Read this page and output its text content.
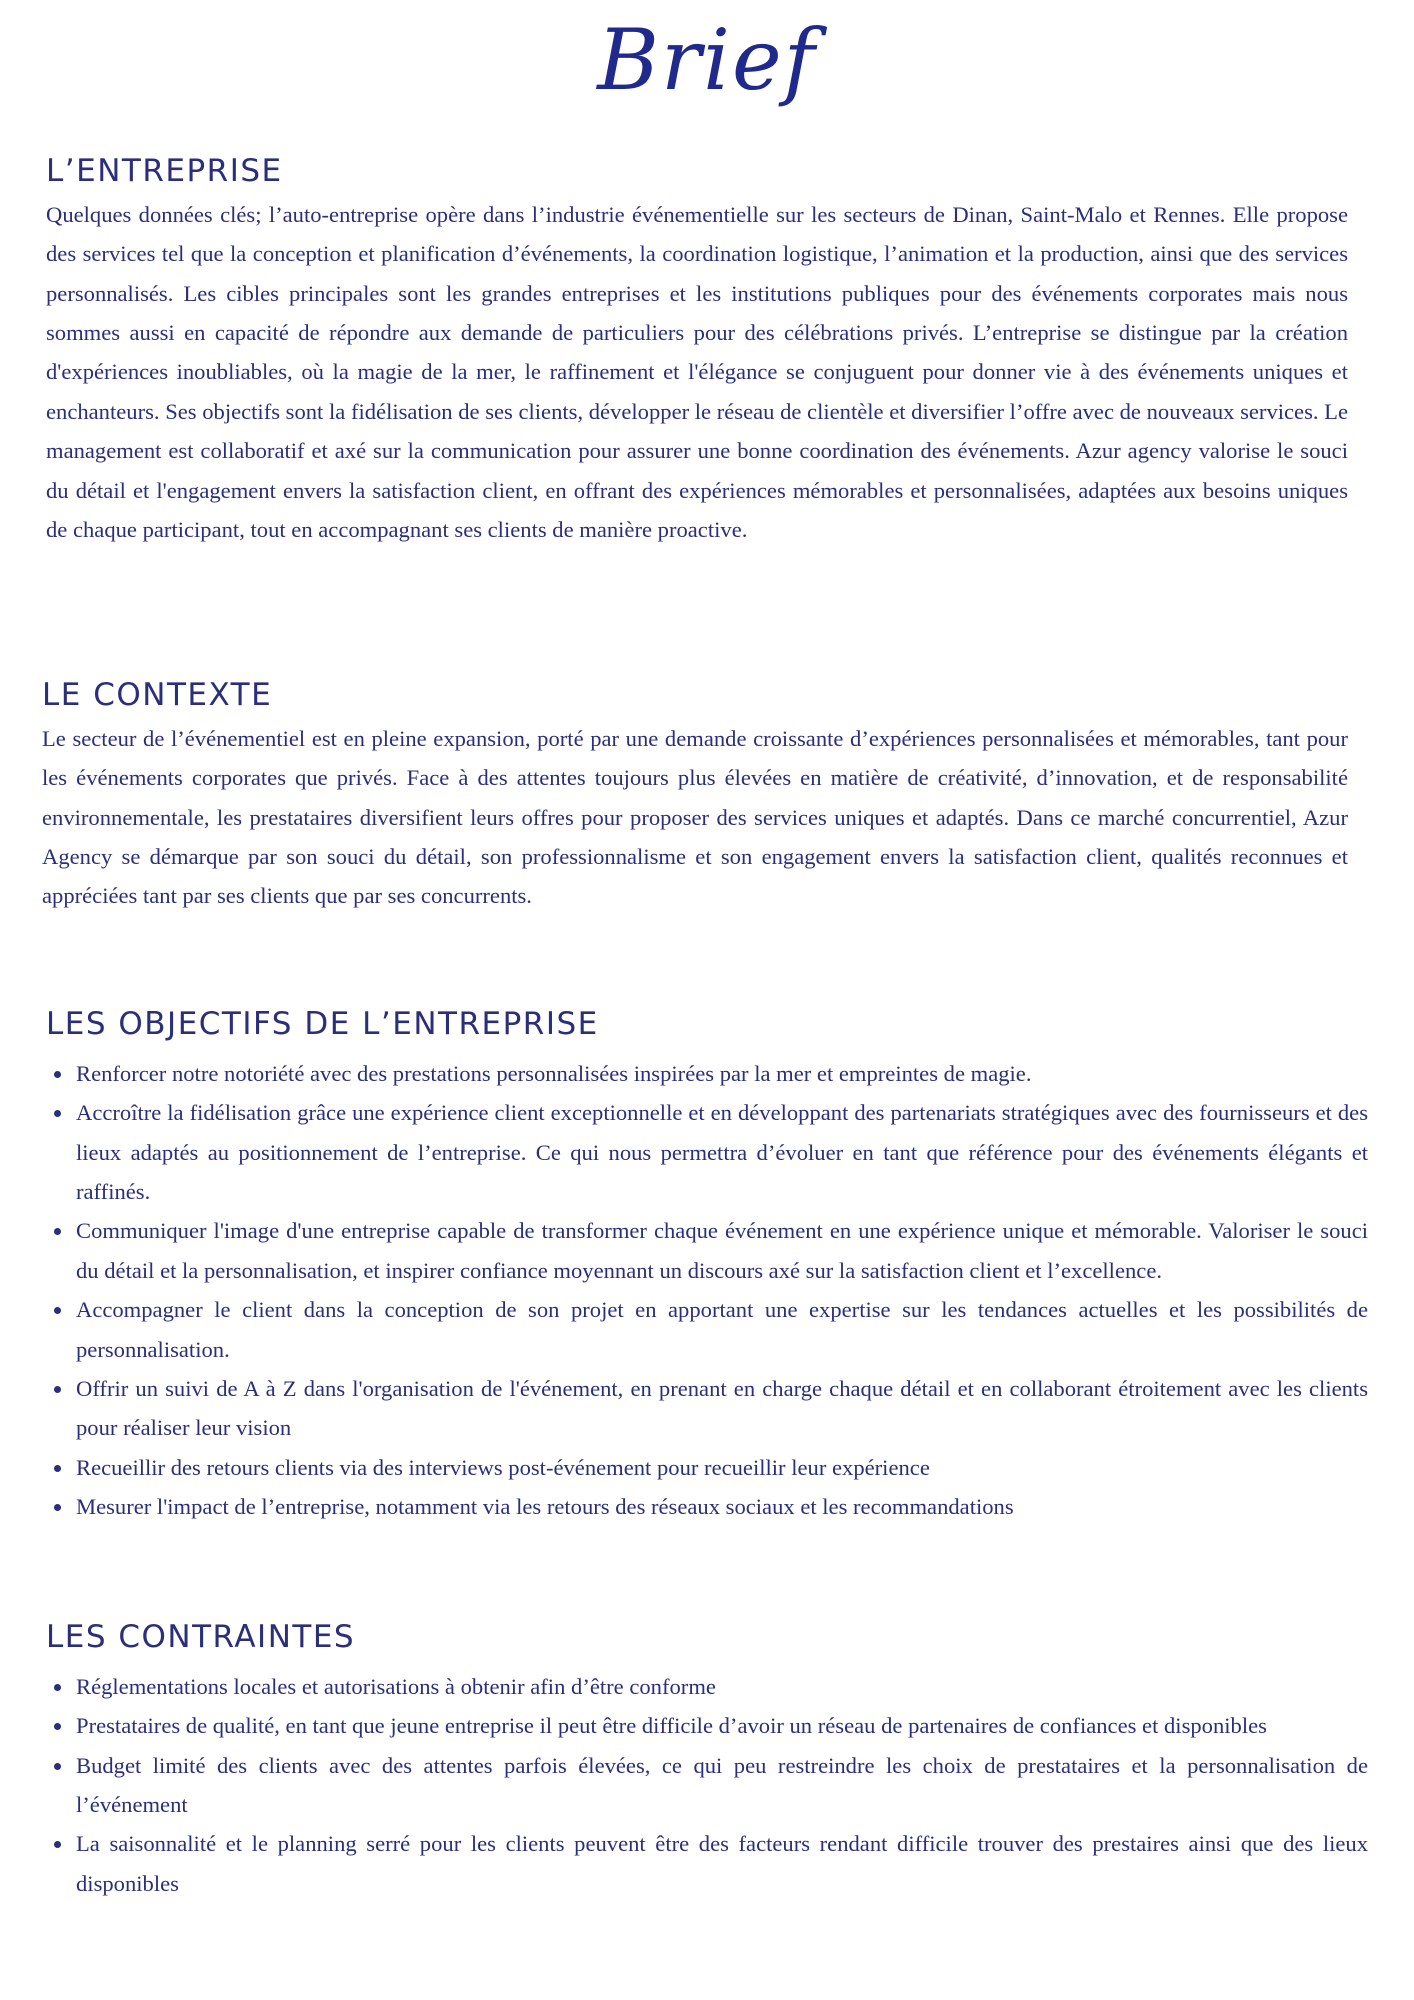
Brief
L’ENTREPRISE

Quelques données clés; l’auto-entreprise opère dans l’industrie événementielle sur les secteurs de Dinan, Saint-Malo et Rennes. Elle propose des services tel que la conception et planification d’événements, la coordination logistique, l’animation et la production, ainsi que des services personnalisés. Les cibles principales sont les grandes entreprises et les institutions publiques pour des événements corporates mais nous sommes aussi en capacité de répondre aux demande de particuliers pour des célébrations privés. L’entreprise se distingue par la création d'expériences inoubliables, où la magie de la mer, le raffinement et l'élégance se conjuguent pour donner vie à des événements uniques et enchanteurs. Ses objectifs sont la fidélisation de ses clients, développer le réseau de clientèle et diversifier l’offre avec de nouveaux services. Le management est collaboratif et axé sur la communication pour assurer une bonne coordination des événements. Azur agency valorise le souci du détail et l'engagement envers la satisfaction client, en offrant des expériences mémorables et personnalisées, adaptées aux besoins uniques de chaque participant, tout en accompagnant ses clients de manière proactive.

LE CONTEXTE

Le secteur de l’événementiel est en pleine expansion, porté par une demande croissante d’expériences personnalisées et mémorables, tant pour les événements corporates que privés. Face à des attentes toujours plus élevées en matière de créativité, d’innovation, et de responsabilité environnementale, les prestataires diversifient leurs offres pour proposer des services uniques et adaptés. Dans ce marché concurrentiel, Azur Agency se démarque par son souci du détail, son professionnalisme et son engagement envers la satisfaction client, qualités reconnues et appréciées tant par ses clients que par ses concurrents.

LES OBJECTIFS DE L’ENTREPRISE
Renforcer notre notoriété avec des prestations personnalisées inspirées par la mer et empreintes de magie.
Accroître la fidélisation grâce une expérience client exceptionnelle et en développant des partenariats stratégiques avec des fournisseurs et des lieux adaptés au positionnement de l’entreprise. Ce qui nous permettra d’évoluer en tant que référence pour des événements élégants et raffinés.
Communiquer l'image d'une entreprise capable de transformer chaque événement en une expérience unique et mémorable. Valoriser le souci du détail et la personnalisation, et inspirer confiance moyennant un discours axé sur la satisfaction client et l’excellence.
Accompagner le client dans la conception de son projet en apportant une expertise sur les tendances actuelles et les possibilités de personnalisation.
Offrir un suivi de A à Z dans l'organisation de l'événement, en prenant en charge chaque détail et en collaborant étroitement avec les clients pour réaliser leur vision
Recueillir des retours clients via des interviews post-événement pour recueillir leur expérience
Mesurer l'impact de l’entreprise, notamment via les retours des réseaux sociaux et les recommandations
LES CONTRAINTES
Réglementations locales et autorisations à obtenir afin d’être conforme
Prestataires de qualité, en tant que jeune entreprise il peut être difficile d’avoir un réseau de partenaires de confiances et disponibles
Budget limité des clients avec des attentes parfois élevées, ce qui peu restreindre les choix de prestataires et la personnalisation de l’événement
La saisonnalité et le planning serré pour les clients peuvent être des facteurs rendant difficile trouver des prestaires ainsi que des lieux disponibles
